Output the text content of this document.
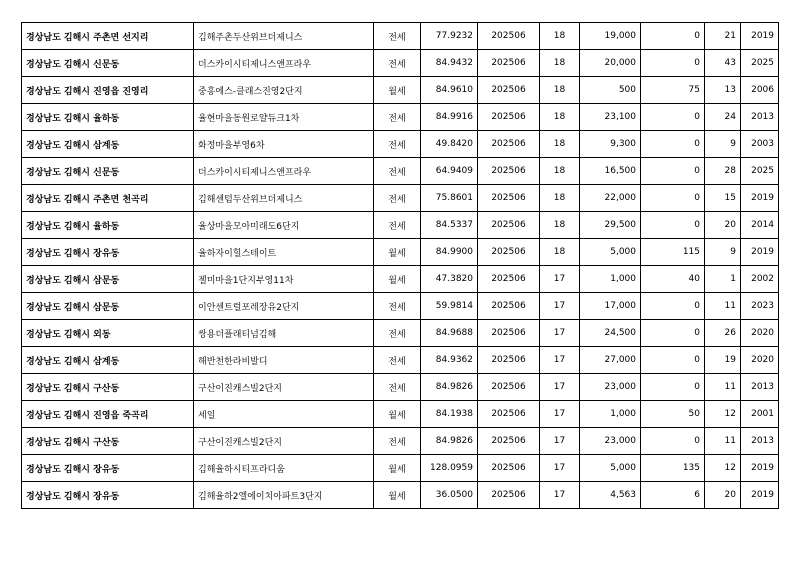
경상남도 김해시 주촌면 선지리	김해주촌두산위브더제니스	전세	77.9232	202506	18	19,000	0	21	2019
경상남도 김해시 신문동	더스카이시티제니스앤프라우	전세	84.9432	202506	18	20,000	0	43	2025
경상남도 김해시 진영읍 진영리	중흥에스-클래스진영2단지	월세	84.9610	202506	18	500	75	13	2006
경상남도 김해시 율하동	율현마을동원로얄듀크1차	전세	84.9916	202506	18	23,100	0	24	2013
경상남도 김해시 삼계동	화정마을부영6차	전세	49.8420	202506	18	9,300	0	9	2003
경상남도 김해시 신문동	더스카이시티제니스앤프라우	전세	64.9409	202506	18	16,500	0	28	2025
경상남도 김해시 주촌면 천곡리	김해센텀두산위브더제니스	전세	75.8601	202506	18	22,000	0	15	2019
경상남도 김해시 율하동	율상마을모아미래도6단지	전세	84.5337	202506	18	29,500	0	20	2014
경상남도 김해시 장유동	율하자이힐스테이트	월세	84.9900	202506	18	5,000	115	9	2019
경상남도 김해시 삼문동	젤미마을1단지부영11차	월세	47.3820	202506	17	1,000	40	1	2002
경상남도 김해시 삼문동	이안센트럴포레장유2단지	전세	59.9814	202506	17	17,000	0	11	2023
경상남도 김해시 외동	쌍용더플래티넘김해	전세	84.9688	202506	17	24,500	0	26	2020
경상남도 김해시 삼계동	해반천한라비발디	전세	84.9362	202506	17	27,000	0	19	2020
경상남도 김해시 구산동	구산이진캐스빌2단지	전세	84.9826	202506	17	23,000	0	11	2013
경상남도 김해시 진영읍 죽곡리	세일	월세	84.1938	202506	17	1,000	50	12	2001
경상남도 김해시 구산동	구산이진캐스빌2단지	전세	84.9826	202506	17	23,000	0	11	2013
경상남도 김해시 장유동	김해율하시티프라디움	월세	128.0959	202506	17	5,000	135	12	2019
경상남도 김해시 장유동	김해율하2엘에이치아파트3단지	월세	36.0500	202506	17	4,563	6	20	2019
